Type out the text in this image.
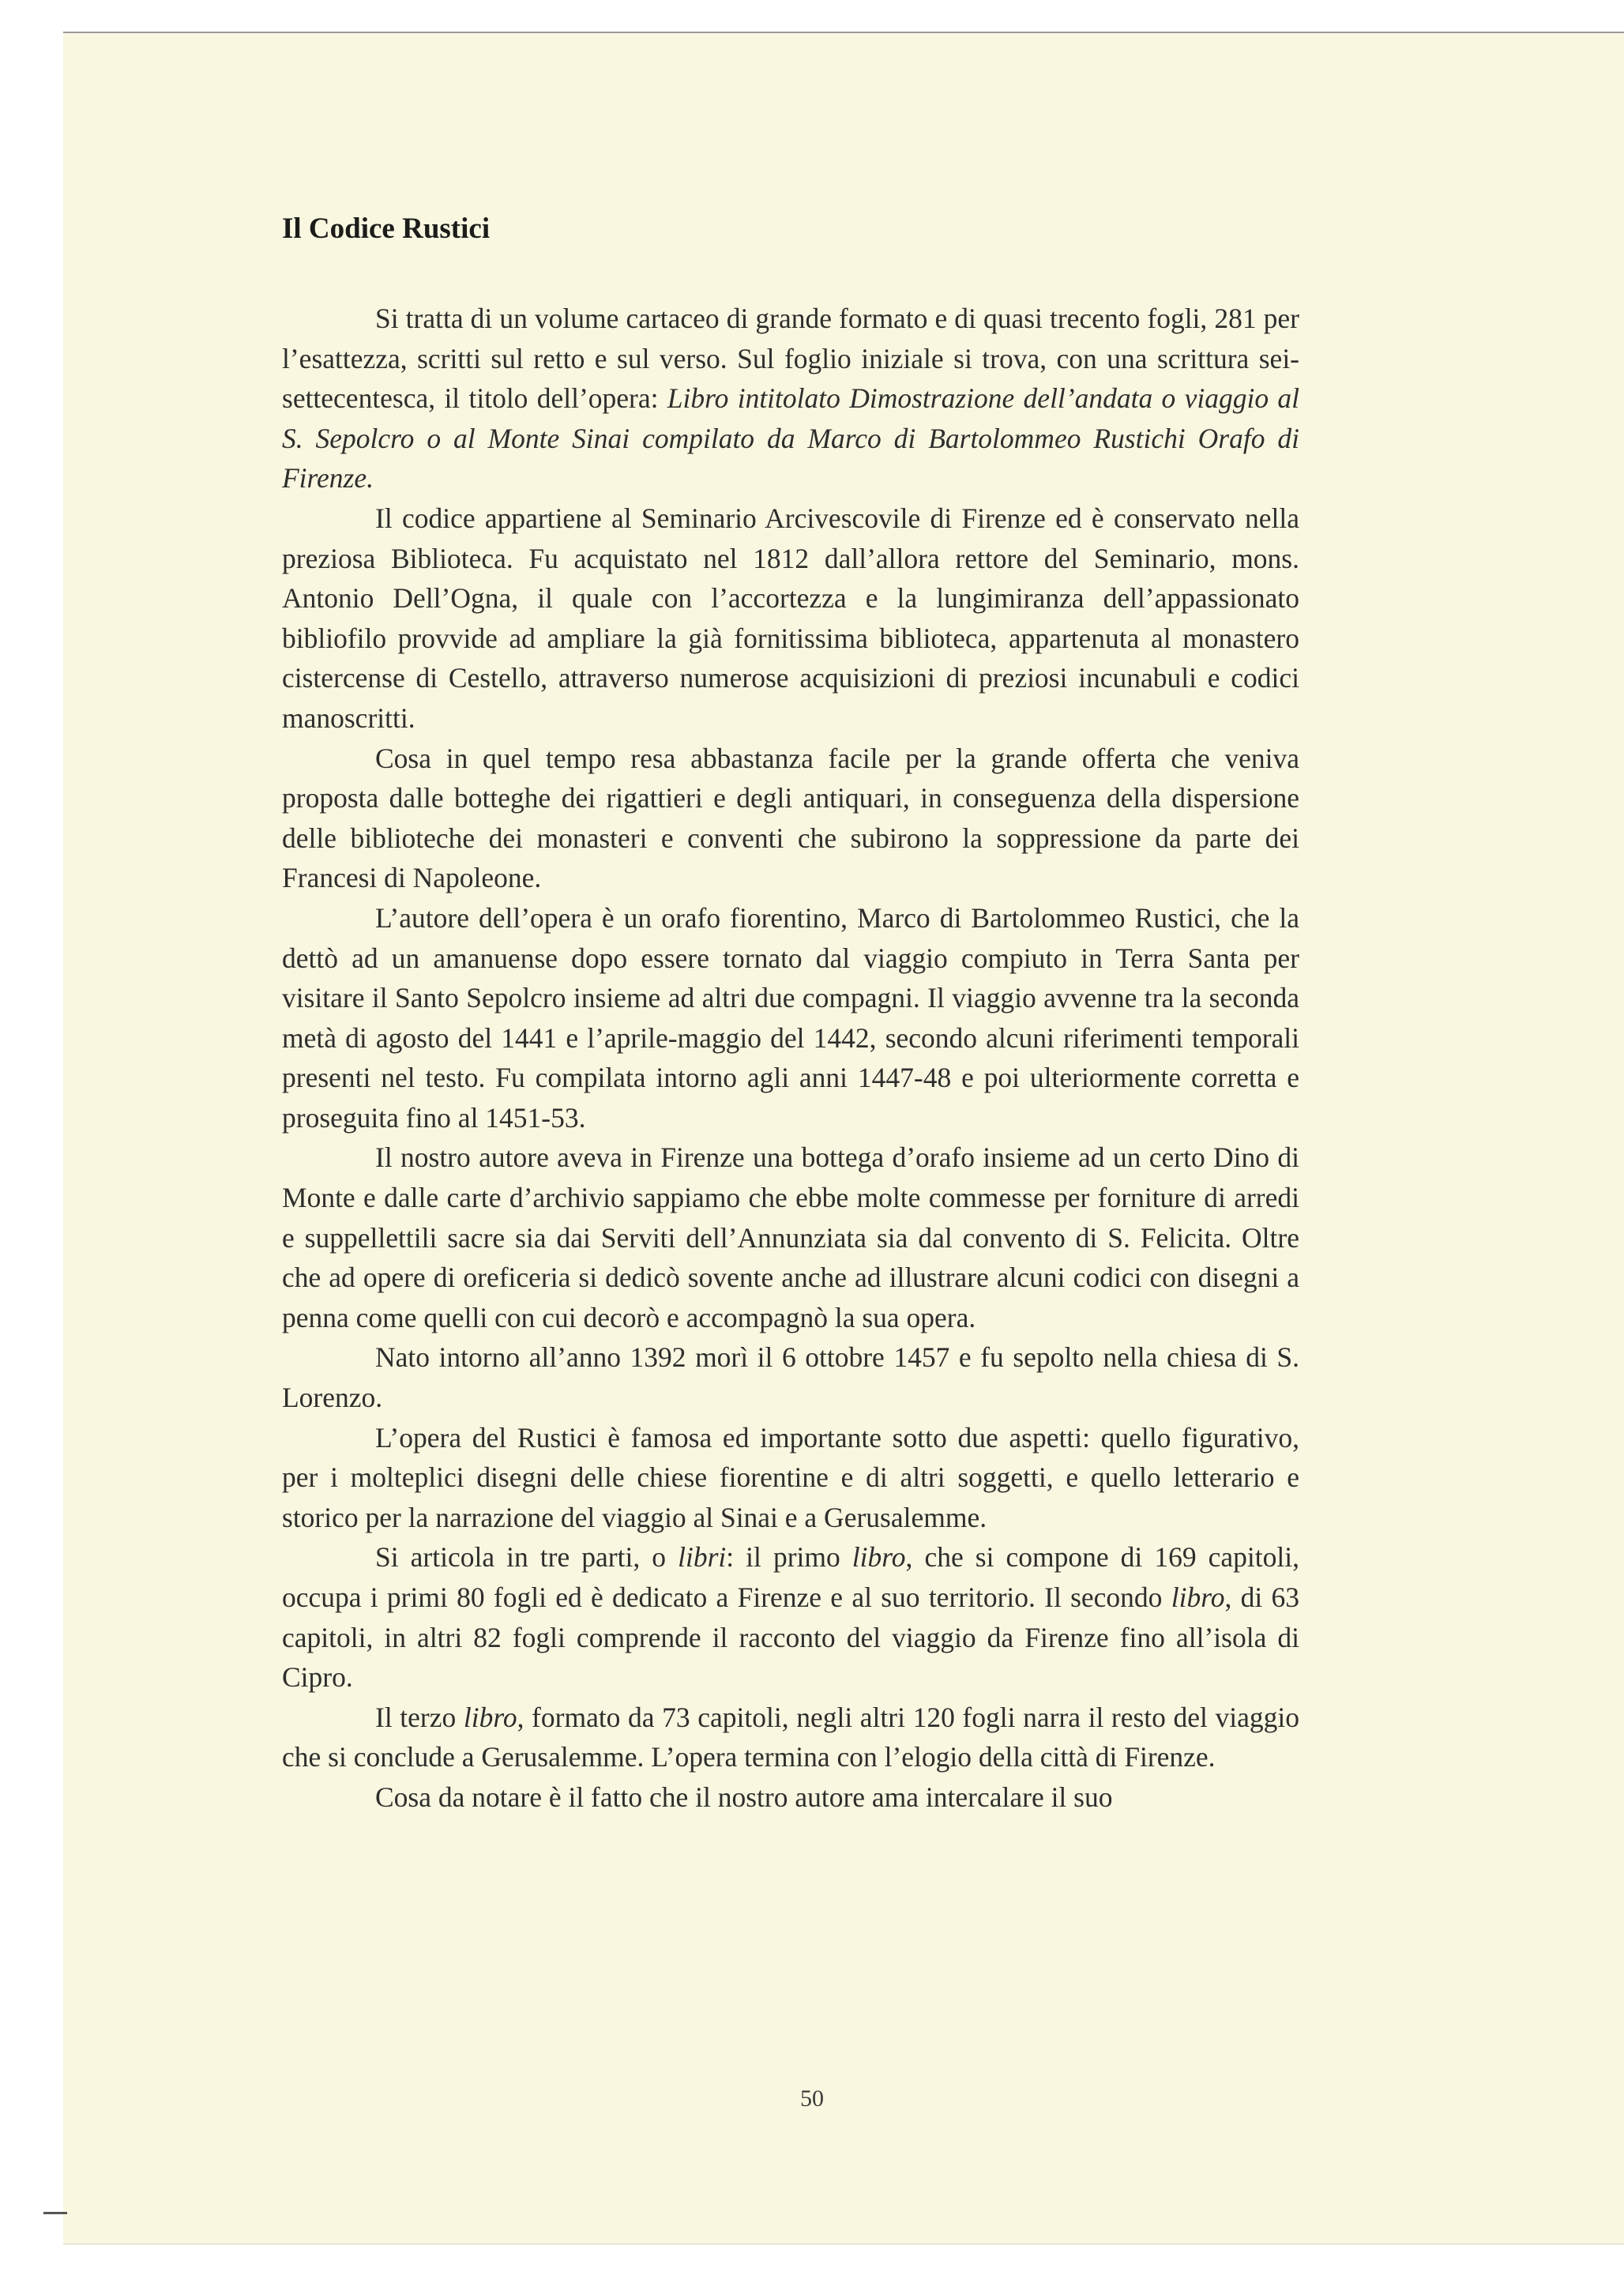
Il Codice Rustici

Si tratta di un volume cartaceo di grande formato e di quasi trecento fogli, 281 per l’esattezza, scritti sul retto e sul verso. Sul foglio iniziale si trova, con una scrittura sei-settecentesca, il titolo dell’opera: Libro intitolato Dimostrazione dell’andata o viaggio al S. Sepolcro o al Monte Sinai compilato da Marco di Bartolommeo Rustichi Orafo di Firenze.

Il codice appartiene al Seminario Arcivescovile di Firenze ed è conservato nella preziosa Biblioteca. Fu acquistato nel 1812 dall’allora rettore del Seminario, mons. Antonio Dell’Ogna, il quale con l’accortezza e la lungimiranza dell’appassionato bibliofilo provvide ad ampliare la già fornitissima biblioteca, appartenuta al monastero cistercense di Cestello, attraverso numerose acquisizioni di preziosi incunabuli e codici manoscritti.

Cosa in quel tempo resa abbastanza facile per la grande offerta che veniva proposta dalle botteghe dei rigattieri e degli antiquari, in conseguenza della dispersione delle biblioteche dei monasteri e conventi che subirono la soppressione da parte dei Francesi di Napoleone.

L’autore dell’opera è un orafo fiorentino, Marco di Bartolommeo Rustici, che la dettò ad un amanuense dopo essere tornato dal viaggio compiuto in Terra Santa per visitare il Santo Sepolcro insieme ad altri due compagni. Il viaggio avvenne tra la seconda metà di agosto del 1441 e l’aprile-maggio del 1442, secondo alcuni riferimenti temporali presenti nel testo. Fu compilata intorno agli anni 1447-48 e poi ulteriormente corretta e proseguita fino al 1451-53.

Il nostro autore aveva in Firenze una bottega d’orafo insieme ad un certo Dino di Monte e dalle carte d’archivio sappiamo che ebbe molte commesse per forniture di arredi e suppellettili sacre sia dai Serviti dell’Annunziata sia dal convento di S. Felicita. Oltre che ad opere di oreficeria si dedicò sovente anche ad illustrare alcuni codici con disegni a penna come quelli con cui decorò e accompagnò la sua opera.

Nato intorno all’anno 1392 morì il 6 ottobre 1457 e fu sepolto nella chiesa di S. Lorenzo.

L’opera del Rustici è famosa ed importante sotto due aspetti: quello figurativo, per i molteplici disegni delle chiese fiorentine e di altri soggetti, e quello letterario e storico per la narrazione del viaggio al Sinai e a Gerusalemme.

Si articola in tre parti, o libri: il primo libro, che si compone di 169 capitoli, occupa i primi 80 fogli ed è dedicato a Firenze e al suo territorio. Il secondo libro, di 63 capitoli, in altri 82 fogli comprende il racconto del viaggio da Firenze fino all’isola di Cipro.

Il terzo libro, formato da 73 capitoli, negli altri 120 fogli narra il resto del viaggio che si conclude a Gerusalemme. L’opera termina con l’elogio della città di Firenze.

Cosa da notare è il fatto che il nostro autore ama intercalare il suo

50
